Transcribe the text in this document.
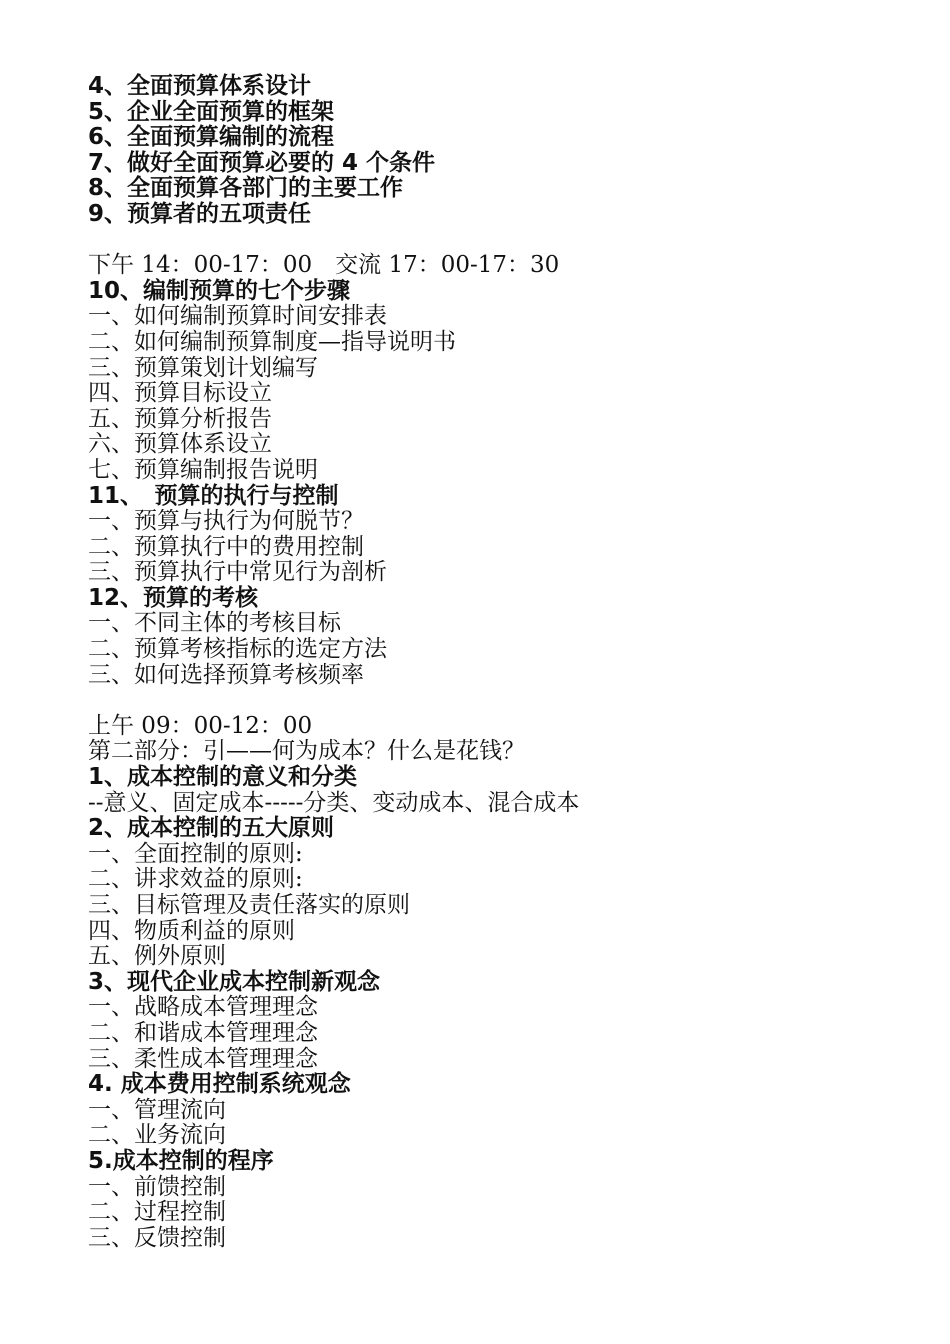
4、全面预算体系设计
5、企业全面预算的框架
6、全面预算编制的流程
7、做好全面预算必要的 4 个条件
8、全面预算各部门的主要工作
9、预算者的五项责任
下午 14：00-17：00　交流 17：00-17：30
10、编制预算的七个步骤
一、如何编制预算时间安排表
二、如何编制预算制度—指导说明书
三、预算策划计划编写
四、预算目标设立
五、预算分析报告
六、预算体系设立
七、预算编制报告说明
11、　预算的执行与控制
一、预算与执行为何脱节？
二、预算执行中的费用控制
三、预算执行中常见行为剖析
12、预算的考核
一、不同主体的考核目标
二、预算考核指标的选定方法
三、如何选择预算考核频率
上午 09：00-12：00
第二部分：引——何为成本？什么是花钱？
1、成本控制的意义和分类
--意义、固定成本-----分类、变动成本、混合成本
2、成本控制的五大原则
一、全面控制的原则:
二、讲求效益的原则:
三、目标管理及责任落实的原则
四、物质利益的原则
五、例外原则
3、现代企业成本控制新观念
一、战略成本管理理念
二、和谐成本管理理念
三、柔性成本管理理念
4. 成本费用控制系统观念
一、管理流向
二、业务流向
5.成本控制的程序
一、前馈控制
二、过程控制
三、反馈控制
